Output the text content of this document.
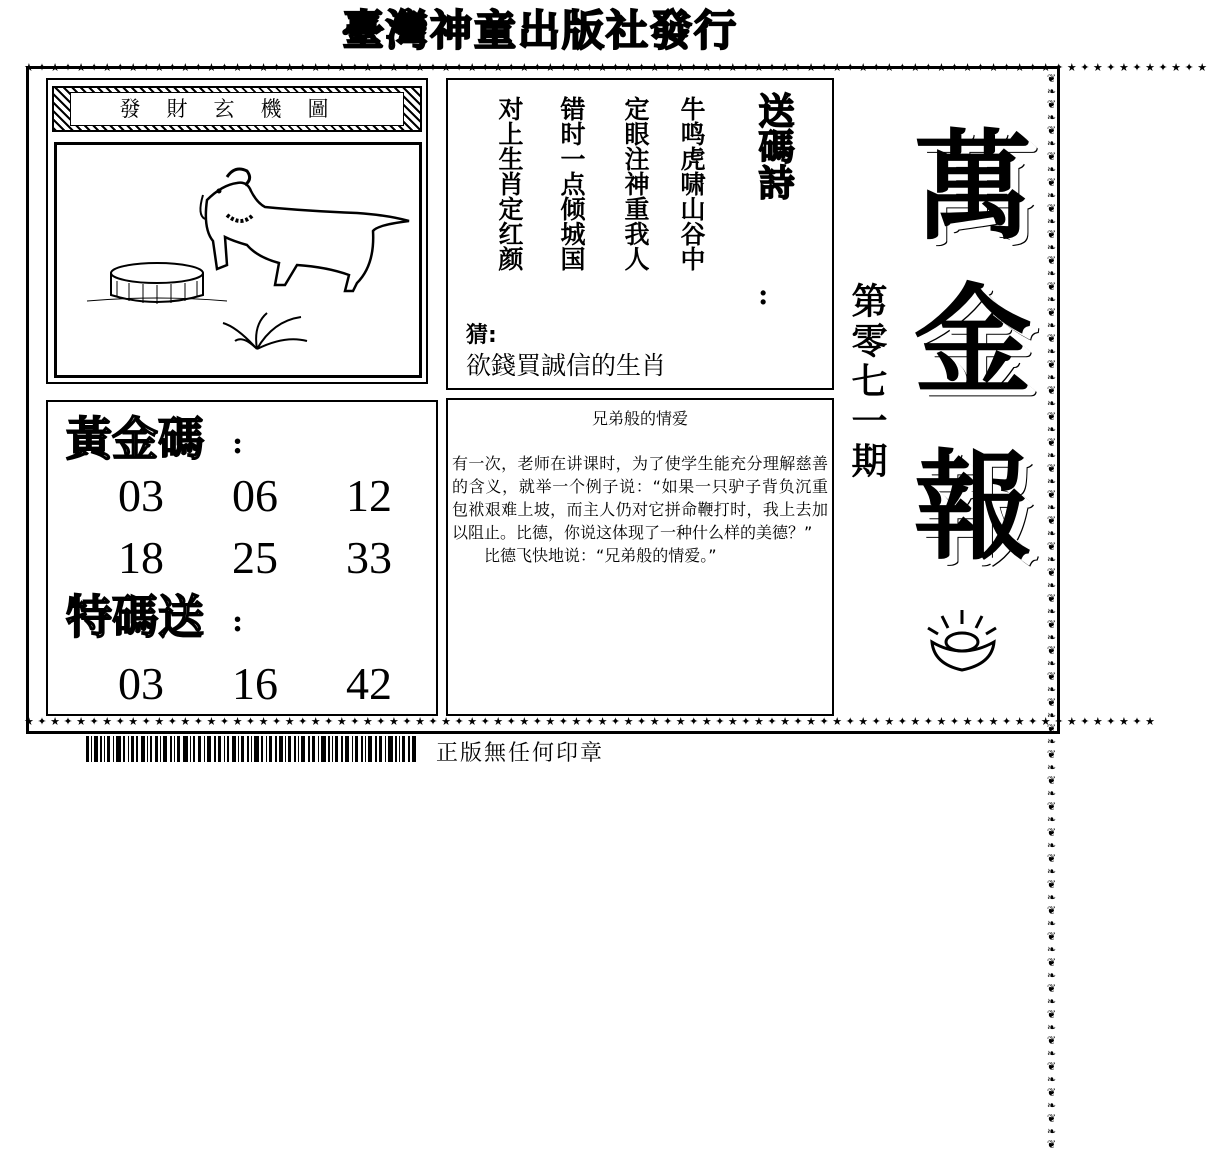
臺灣神童出版社發行
★ ✦ ★ ✦ ★ ✦ ★ ✦ ★ ✦ ★ ✦ ★ ✦ ★ ✦ ★ ✦ ★ ✦ ★ ✦ ★ ✦ ★ ✦ ★ ✦ ★ ✦ ★ ✦ ★ ✦ ★ ✦ ★ ✦ ★ ✦ ★ ✦ ★ ✦ ★ ✦ ★ ✦ ★ ✦ ★ ✦ ★ ✦ ★ ✦ ★ ✦ ★ ✦ ★ ✦ ★ ✦ ★ ✦ ★ ✦ ★ ✦ ★ ✦ ★ ✦ ★ ✦ ★ ✦ ★ ✦ ★ ✦ ★ ✦ ★ ✦ ★ ✦ ★ ✦ ★
★ ✦ ★ ✦ ★ ✦ ★ ✦ ★ ✦ ★ ✦ ★ ✦ ★ ✦ ★ ✦ ★ ✦ ★ ✦ ★ ✦ ★ ✦ ★ ✦ ★ ✦ ★ ✦ ★ ✦ ★ ✦ ★ ✦ ★ ✦ ★ ✦ ★ ✦ ★ ✦ ★ ✦ ★ ✦ ★ ✦ ★ ✦ ★ ✦ ★ ✦ ★ ✦ ★ ✦ ★ ✦ ★ ✦ ★ ✦ ★ ✦ ★ ✦ ★ ✦ ★ ✦ ★ ✦ ★ ✦ ★ ✦ ★ ✦ ★ ✦ ★
❦❧❦❧❦❧❦❧❦❧❦❧❦❧❦❧❦❧❦❧❦❧❦❧❦❧❦❧❦❧❦❧❦❧❦❧❦❧❦❧❦❧❦❧❦❧❦❧❦❧❦❧❦❧❦❧❦❧❦❧❦❧❦❧❦❧❦❧❦❧❦❧❦❧❦❧❦❧❦❧❦❧❦
發財玄機圖	牛鸣虎啸山谷中
定眼注神重我人
错时一点倾城国
对上生肖定红颜	送碼詩
:
猜:
欲錢買誠信的生肖
黃金碼 :
03	06	12
18	25	33
特碼送 :
03	16	42
兄弟般的情爱
有一次，老师在讲课时，为了使学生能充分理解慈善的含义，就举一个例子说：“如果一只驴子背负沉重包袱艰难上坡，而主人仍对它拼命鞭打时，我上去加以阻止。比德，你说这体现了一种什么样的美德？”
　　比德飞快地说：“兄弟般的情爱。”
第零七一期
萬
金
報
正版無任何印章
